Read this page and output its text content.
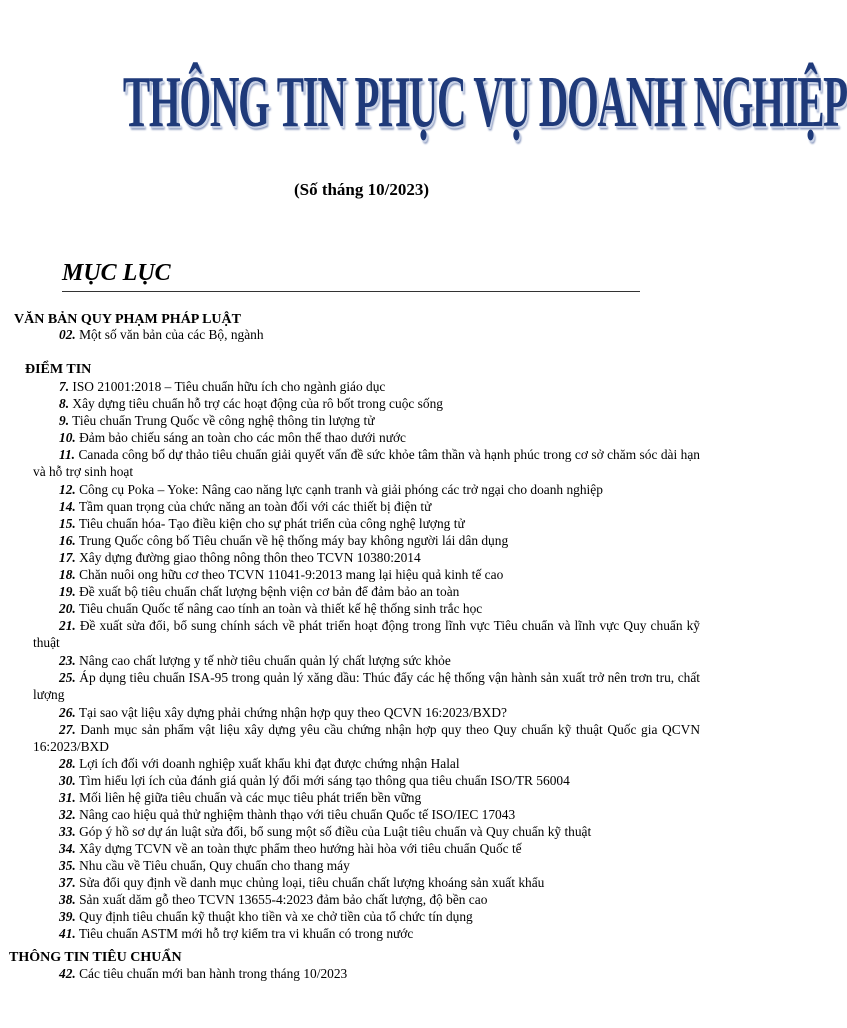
THÔNG TIN PHỤC VỤ DOANH NGHIỆP
(Số tháng 10/2023)
MỤC LỤC
VĂN BẢN QUY PHẠM PHÁP LUẬT
02. Một số văn bản của các Bộ, ngành
ĐIỂM TIN
7. ISO 21001:2018 – Tiêu chuẩn hữu ích cho ngành giáo dục
8. Xây dựng tiêu chuẩn hỗ trợ các hoạt động của rô bốt trong cuộc sống
9. Tiêu chuẩn Trung Quốc về công nghệ thông tin lượng tử
10. Đảm bảo chiếu sáng an toàn cho các môn thể thao dưới nước
11. Canada công bố dự thảo tiêu chuẩn giải quyết vấn đề sức khỏe tâm thần và hạnh phúc trong cơ sở chăm sóc dài hạn và hỗ trợ sinh hoạt
12. Công cụ Poka – Yoke: Nâng cao năng lực cạnh tranh và giải phóng các trở ngại cho doanh nghiệp
14. Tầm quan trọng của chức năng an toàn đối với các thiết bị điện tử
15. Tiêu chuẩn hóa- Tạo điều kiện cho sự phát triển của công nghệ lượng tử
16. Trung Quốc công bố Tiêu chuẩn về hệ thống máy bay không người lái dân dụng
17. Xây dựng đường giao thông nông thôn theo TCVN 10380:2014
18. Chăn nuôi ong hữu cơ theo TCVN 11041-9:2013 mang lại hiệu quả kinh tế cao
19. Đề xuất bộ tiêu chuẩn chất lượng bệnh viện cơ bản để đảm bảo an toàn
20. Tiêu chuẩn Quốc tế nâng cao tính an toàn và thiết kế hệ thống sinh trắc học
21. Đề xuất sửa đổi, bổ sung chính sách về phát triển hoạt động trong lĩnh vực Tiêu chuẩn và lĩnh vực Quy chuẩn kỹ thuật
23. Nâng cao chất lượng y tế nhờ tiêu chuẩn quản lý chất lượng sức khỏe
25. Áp dụng tiêu chuẩn ISA-95 trong quản lý xăng dầu: Thúc đẩy các hệ thống vận hành sản xuất trở nên trơn tru, chất lượng
26. Tại sao vật liệu xây dựng phải chứng nhận hợp quy theo QCVN 16:2023/BXD?
27. Danh mục sản phẩm vật liệu xây dựng yêu cầu chứng nhận hợp quy theo Quy chuẩn kỹ thuật Quốc gia QCVN 16:2023/BXD
28. Lợi ích đối với doanh nghiệp xuất khẩu khi đạt được chứng nhận Halal
30. Tìm hiểu lợi ích của đánh giá quản lý đổi mới sáng tạo thông qua tiêu chuẩn ISO/TR 56004
31. Mối liên hệ giữa tiêu chuẩn và các mục tiêu phát triển bền vững
32. Nâng cao hiệu quả thử nghiệm thành thạo với tiêu chuẩn Quốc tế ISO/IEC 17043
33. Góp ý hồ sơ dự án luật sửa đổi, bổ sung một số điều của Luật tiêu chuẩn và Quy chuẩn kỹ thuật
34. Xây dựng TCVN về an toàn thực phẩm theo hướng hài hòa với tiêu chuẩn Quốc tế
35. Nhu cầu về Tiêu chuẩn, Quy chuẩn cho thang máy
37. Sửa đổi quy định về danh mục chủng loại, tiêu chuẩn chất lượng khoáng sản xuất khẩu
38. Sản xuất dăm gỗ theo TCVN 13655-4:2023 đảm bảo chất lượng, độ bền cao
39. Quy định tiêu chuẩn kỹ thuật kho tiền và xe chở tiền của tổ chức tín dụng
41. Tiêu chuẩn ASTM mới hỗ trợ kiểm tra vi khuẩn có trong nước
THÔNG TIN TIÊU CHUẨN
42. Các tiêu chuẩn mới ban hành trong tháng 10/2023
